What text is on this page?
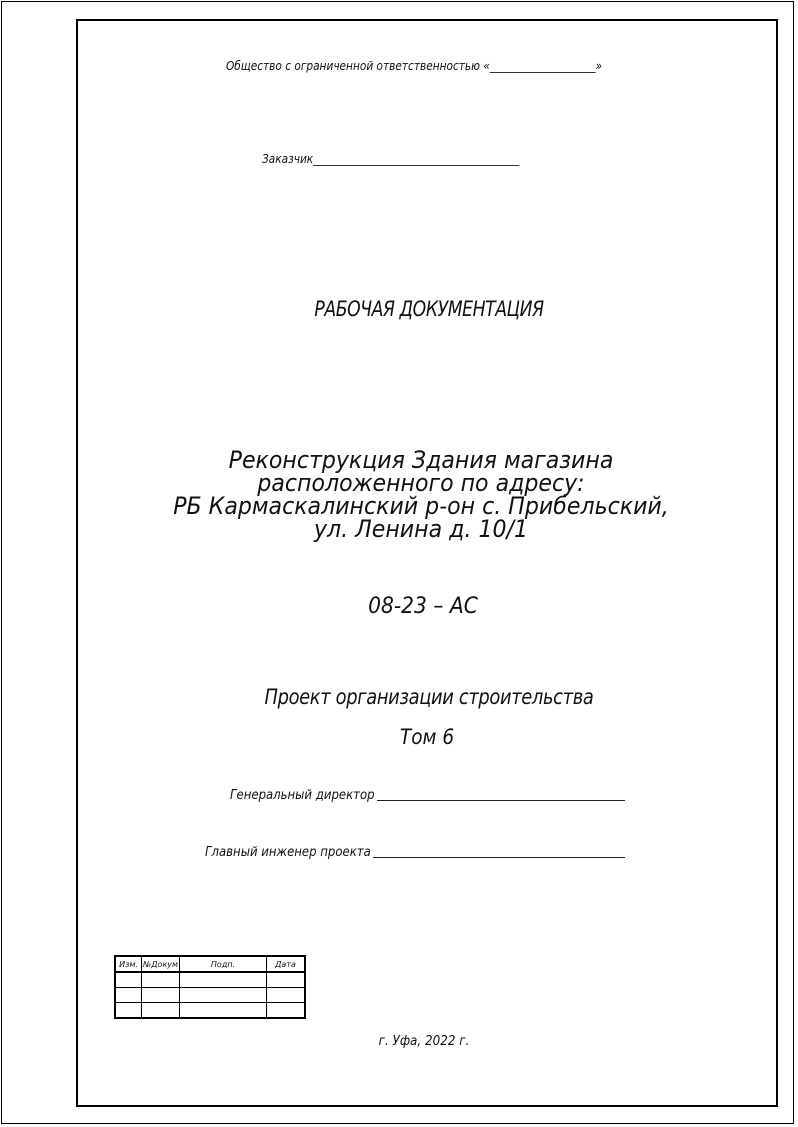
Общество с ограниченной ответственностью «____________________»
Заказчик_______________________________________
РАБОЧАЯ ДОКУМЕНТАЦИЯ
Реконструкция Здания магазина
расположенного по адресу:
РБ Кармаскалинский р-он с. Прибельский,
ул. Ленина д. 10/1
08-23 – АС
Проект организации строительства
Том 6
Генеральный директор
Главный инженер проекта
Изм.	№Докум	Подп.	Дата

г. Уфа, 2022 г.
